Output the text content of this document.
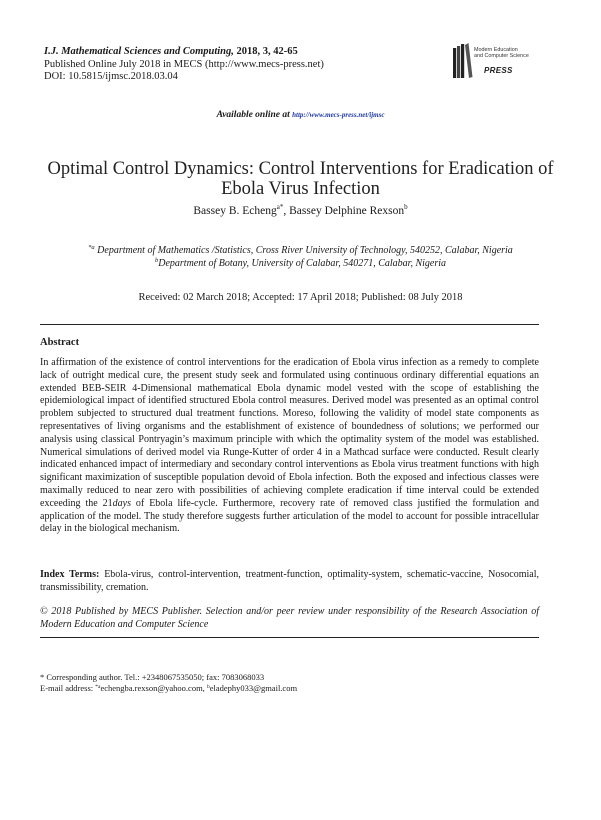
I.J. Mathematical Sciences and Computing, 2018, 3, 42-65
Published Online July 2018 in MECS (http://www.mecs-press.net)
DOI: 10.5815/ijmsc.2018.03.04
Modern Education
and Computer Science
PRESS
Available online at http://www.mecs-press.net/ijmsc
Optimal Control Dynamics: Control Interventions for Eradication of Ebola Virus Infection
Bassey B. Echeng$^{a*}$, Bassey Delphine Rexson$^b$
$^{*a}$ Department of Mathematics /Statistics, Cross River University of Technology, 540252, Calabar, Nigeria
$^b$Department of Botany, University of Calabar, 540271, Calabar, Nigeria
Received: 02 March 2018; Accepted: 17 April 2018; Published: 08 July 2018
Abstract
In affirmation of the existence of control interventions for the eradication of Ebola virus infection as a remedy to complete lack of outright medical cure, the present study seek and formulated using continuous ordinary differential equations an extended BEB-SEIR 4-Dimensional mathematical Ebola dynamic model vested with the scope of establishing the epidemiological impact of identified structured Ebola control measures. Derived model was presented as an optimal control problem subjected to structured dual treatment functions. Moreso, following the validity of model state components as representatives of living organisms and the establishment of existence of boundedness of solutions; we performed our analysis using classical Pontryagin’s maximum principle with which the optimality system of the model was established. Numerical simulations of derived model via Runge-Kutter of order 4 in a Mathcad surface were conducted. Result clearly indicated enhanced impact of intermediary and secondary control interventions as Ebola virus treatment functions with high significant maximization of susceptible population devoid of Ebola infection. Both the exposed and infectious classes were maximally reduced to near zero with possibilities of achieving complete eradication if time interval could be extended exceeding the 21days of Ebola life-cycle. Furthermore, recovery rate of removed class justified the formulation and application of the model. The study therefore suggests further articulation of the model to account for possible intracellular delay in the biological mechanism.
Index Terms: Ebola-virus, control-intervention, treatment-function, optimality-system, schematic-vaccine, Nosocomial, transmissibility, cremation.
© 2018 Published by MECS Publisher. Selection and/or peer review under responsibility of the Research Association of Modern Education and Computer Science
* Corresponding author. Tel.: +2348067535050; fax: 7083068033
E-mail address: $^{*a}$echengba.rexson@yahoo.com, $^b$eladephy033@gmail.com
